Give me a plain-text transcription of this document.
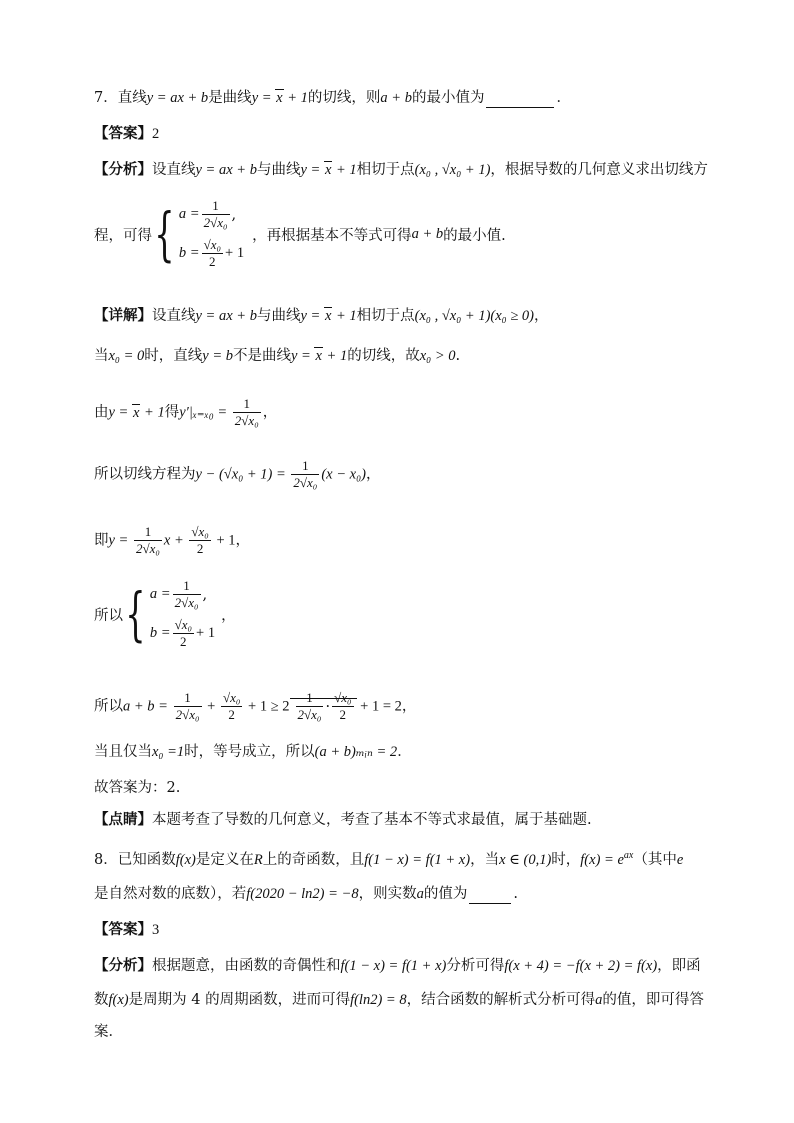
7．直线y = ax + b是曲线y = x + 1的切线，则a + b的最小值为	．
【答案】2
【分析】设直线y = ax + b与曲线y = x + 1相切于点(x₀ , √x₀ + 1)，根据导数的几何意义求出切线方
程，可得 { $a = \frac{1}{\text{2√x₀}}$ ,
$b = \frac{\text{√x₀}}{2} + 1$
，再根据基本不等式可得 a + b 的最小值.
【详解】设直线y = ax + b与曲线y = x + 1相切于点(x₀ , √x₀ + 1)(x₀ ≥ 0)，
当x₀ = 0时，直线y = b不是曲线y = x + 1的切线，故x₀ > 0.
由y = x + 1得$y'|_{x=x0} = \frac{1}{\text{2√x₀}}$ ，
所以切线方程为$y - (√x_0 + 1) = \frac{1}{\text{2√x₀}} (x - x_0)$，
即$y = \frac{1}{\text{2√x₀}}$ $x + \frac{\text{√x₀}}{2} + 1$，
所以 { $a = \frac{1}{\text{2√x₀}}$ ,
$b = \frac{\text{√x₀}}{2} + 1$
，
所以$a + b = \frac{1}{\text{2√x₀}} + \frac{\text{√x₀}}{2} + 1 \ge 2 \frac{1}{\text{2√x₀}} \cdot \frac{\text{√x₀}}{2} + 1 = 2$，
当且仅当x₀ =1时，等号成立，所以(a + b)ₘᵢₙ = 2．
故答案为：2.
【点睛】本题考查了导数的几何意义，考查了基本不等式求最值，属于基础题.
8．已知函数f(x)是定义在R上的奇函数，且f(1 − x) = f(1 + x)，当x ∈ (0,1)时，$f(x) = e^{ax}$（其中e
是自然对数的底数），若f(2020 − ln2) = −8，则实数a的值为	.
【答案】3
【分析】根据题意，由函数的奇偶性和f(1 − x) = f(1 + x)分析可得f(x + 4) = −f(x + 2) = f(x)，即函
数f(x)是周期为 4 的周期函数，进而可得f(ln2) = 8，结合函数的解析式分析可得a的值，即可得答
案．
